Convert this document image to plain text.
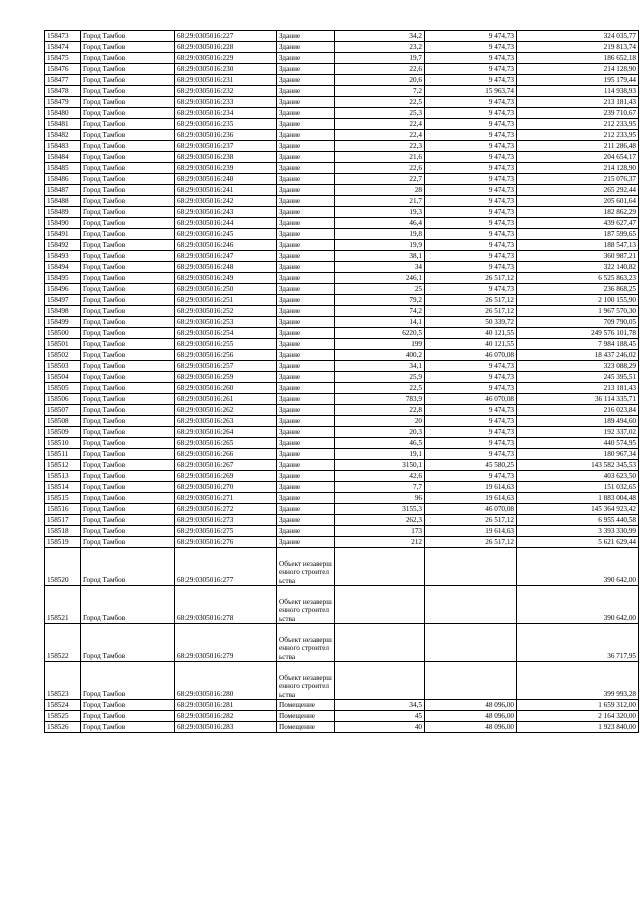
158473	Город Тамбов	68:29:0305016:227	Здание	34,2	9 474,73	324 035,77
158474	Город Тамбов	68:29:0305016:228	Здание	23,2	9 474,73	219 813,74
158475	Город Тамбов	68:29:0305016:229	Здание	19,7	9 474,73	186 652,18
158476	Город Тамбов	68:29:0305016:230	Здание	22,6	9 474,73	214 128,90
158477	Город Тамбов	68:29:0305016:231	Здание	20,6	9 474,73	195 179,44
158478	Город Тамбов	68:29:0305016:232	Здание	7,2	15 963,74	114 938,93
158479	Город Тамбов	68:29:0305016:233	Здание	22,5	9 474,73	213 181,43
158480	Город Тамбов	68:29:0305016:234	Здание	25,3	9 474,73	239 710,67
158481	Город Тамбов	68:29:0305016:235	Здание	22,4	9 474,73	212 233,95
158482	Город Тамбов	68:29:0305016:236	Здание	22,4	9 474,73	212 233,95
158483	Город Тамбов	68:29:0305016:237	Здание	22,3	9 474,73	211 286,48
158484	Город Тамбов	68:29:0305016:238	Здание	21,6	9 474,73	204 654,17
158485	Город Тамбов	68:29:0305016:239	Здание	22,6	9 474,73	214 128,90
158486	Город Тамбов	68:29:0305016:240	Здание	22,7	9 474,73	215 076,37
158487	Город Тамбов	68:29:0305016:241	Здание	28	9 474,73	265 292,44
158488	Город Тамбов	68:29:0305016:242	Здание	21,7	9 474,73	205 601,64
158489	Город Тамбов	68:29:0305016:243	Здание	19,3	9 474,73	182 862,29
158490	Город Тамбов	68:29:0305016:244	Здание	46,4	9 474,73	439 627,47
158491	Город Тамбов	68:29:0305016:245	Здание	19,8	9 474,73	187 599,65
158492	Город Тамбов	68:29:0305016:246	Здание	19,9	9 474,73	188 547,13
158493	Город Тамбов	68:29:0305016:247	Здание	38,1	9 474,73	360 987,21
158494	Город Тамбов	68:29:0305016:248	Здание	34	9 474,73	322 140,82
158495	Город Тамбов	68:29:0305016:249	Здание	246,1	26 517,12	6 525 863,23
158496	Город Тамбов	68:29:0305016:250	Здание	25	9 474,73	236 868,25
158497	Город Тамбов	68:29:0305016:251	Здание	79,2	26 517,12	2 100 155,90
158498	Город Тамбов	68:29:0305016:252	Здание	74,2	26 517,12	1 967 570,30
158499	Город Тамбов	68:29:0305016:253	Здание	14,1	50 339,72	709 790,05
158500	Город Тамбов	68:29:0305016:254	Здание	6220,5	40 121,55	249 576 101,78
158501	Город Тамбов	68:29:0305016:255	Здание	199	40 121,55	7 984 188,45
158502	Город Тамбов	68:29:0305016:256	Здание	400,2	46 070,08	18 437 246,02
158503	Город Тамбов	68:29:0305016:257	Здание	34,1	9 474,73	323 088,29
158504	Город Тамбов	68:29:0305016:259	Здание	25,9	9 474,73	245 395,51
158505	Город Тамбов	68:29:0305016:260	Здание	22,5	9 474,73	213 181,43
158506	Город Тамбов	68:29:0305016:261	Здание	783,9	46 070,08	36 114 335,71
158507	Город Тамбов	68:29:0305016:262	Здание	22,8	9 474,73	216 023,84
158508	Город Тамбов	68:29:0305016:263	Здание	20	9 474,73	189 494,60
158509	Город Тамбов	68:29:0305016:264	Здание	20,3	9 474,73	192 337,02
158510	Город Тамбов	68:29:0305016:265	Здание	46,5	9 474,73	440 574,95
158511	Город Тамбов	68:29:0305016:266	Здание	19,1	9 474,73	180 967,34
158512	Город Тамбов	68:29:0305016:267	Здание	3150,1	45 580,25	143 582 345,53
158513	Город Тамбов	68:29:0305016:269	Здание	42,6	9 474,73	403 623,50
158514	Город Тамбов	68:29:0305016:270	Здание	7,7	19 614,63	151 032,65
158515	Город Тамбов	68:29:0305016:271	Здание	96	19 614,63	1 883 004,48
158516	Город Тамбов	68:29:0305016:272	Здание	3155,3	46 070,08	145 364 923,42
158517	Город Тамбов	68:29:0305016:273	Здание	262,3	26 517,12	6 955 440,58
158518	Город Тамбов	68:29:0305016:275	Здание	173	19 614,63	3 393 330,99
158519	Город Тамбов	68:29:0305016:276	Здание	212	26 517,12	5 621 629,44
158520	Город Тамбов	68:29:0305016:277	Объект незавершенного строительства			390 642,00
158521	Город Тамбов	68:29:0305016:278	Объект незавершенного строительства			390 642,00
158522	Город Тамбов	68:29:0305016:279	Объект незавершенного строительства			36 717,95
158523	Город Тамбов	68:29:0305016:280	Объект незавершенного строительства			399 993,28
158524	Город Тамбов	68:29:0305016:281	Помещение	34,5	48 096,00	1 659 312,00
158525	Город Тамбов	68:29:0305016:282	Помещение	45	48 096,00	2 164 320,00
158526	Город Тамбов	68:29:0305016:283	Помещение	40	48 096,00	1 923 840,00
